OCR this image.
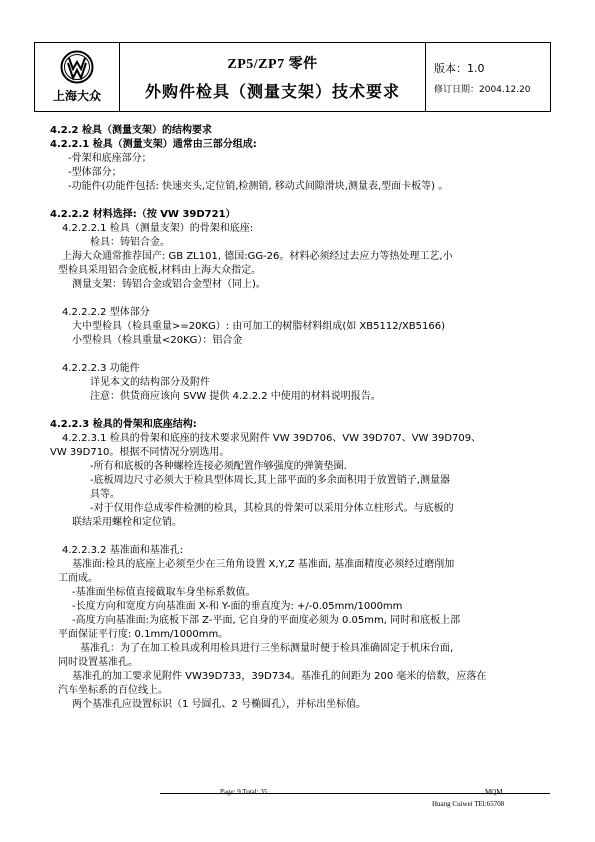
上海大众
ZP5/ZP7 零件
外购件检具（测量支架）技术要求
版本：1.0
修订日期：2004.12.20

4.2.2 检具（测量支架）的结构要求

4.2.2.1 检具（测量支架）通常由三部分组成:

-骨架和底座部分；

-型体部分；

-功能件(功能件包括: 快速夹头,定位销,检测销, 移动式间隙滑块,测量表,型面卡板等) 。

4.2.2.2 材料选择:（按 VW 39D721）

4.2.2.2.1 检具（测量支架）的骨架和底座:

检具：铸铝合金。

上海大众通常推荐国产: GB ZL101, 德国:GG-26。材料必须经过去应力等热处理工艺,小

型检具采用铝合金底板,材料由上海大众指定。

测量支架：铸铝合金或铝合金型材（同上)。

4.2.2.2.2 型体部分

大中型检具（检具重量>=20KG）: 由可加工的树脂材料组成(如 XB5112/XB5166)

小型检具（检具重量<20KG）：铝合金

4.2.2.2.3 功能件

详见本文的结构部分及附件

注意：供货商应该向 SVW 提供 4.2.2.2 中使用的材料说明报告。

4.2.2.3 检具的骨架和底座结构:

4.2.2.3.1 检具的骨架和底座的技术要求见附件 VW 39D706、VW 39D707、VW 39D709、

VW 39D710。根据不同情况分别选用。

-所有和底板的各种螺栓连接必须配置作够强度的弹簧垫圈.

-底板周边尺寸必须大于检具型体周长,其上部平面的多余面积用于放置销子,测量器

具等。

-对于仅用作总成零件检测的检具，其检具的骨架可以采用分体立柱形式。与底板的

联结采用螺栓和定位销。

4.2.2.3.2 基准面和基准孔:

基准面:检具的底座上必须至少在三角角设置 X,Y,Z 基准面, 基准面精度必须经过磨削加

工而成。

-基准面坐标值直接截取车身坐标系数值。

-长度方向和宽度方向基准面 X-和 Y-面的垂直度为: +/-0.05mm/1000mm

-高度方向基准面:为底板下部 Z-平面, 它自身的平面度必须为 0.05mm, 同时和底板上部

平面保证平行度: 0.1mm/1000mm。

基准孔：为了在加工检具或利用检具进行三坐标测量时便于检具准确固定于机床台面,

同时设置基准孔。

基准孔的加工要求见附件 VW39D733，39D734。基准孔的间距为 200 毫米的倍数，应落在

汽车坐标系的百位线上。

两个基准孔应设置标识（1 号圆孔、2 号椭圆孔），并标出坐标值。

Page: 9 Total: 35	MQM
Huang Cuiwei TEl:65708
